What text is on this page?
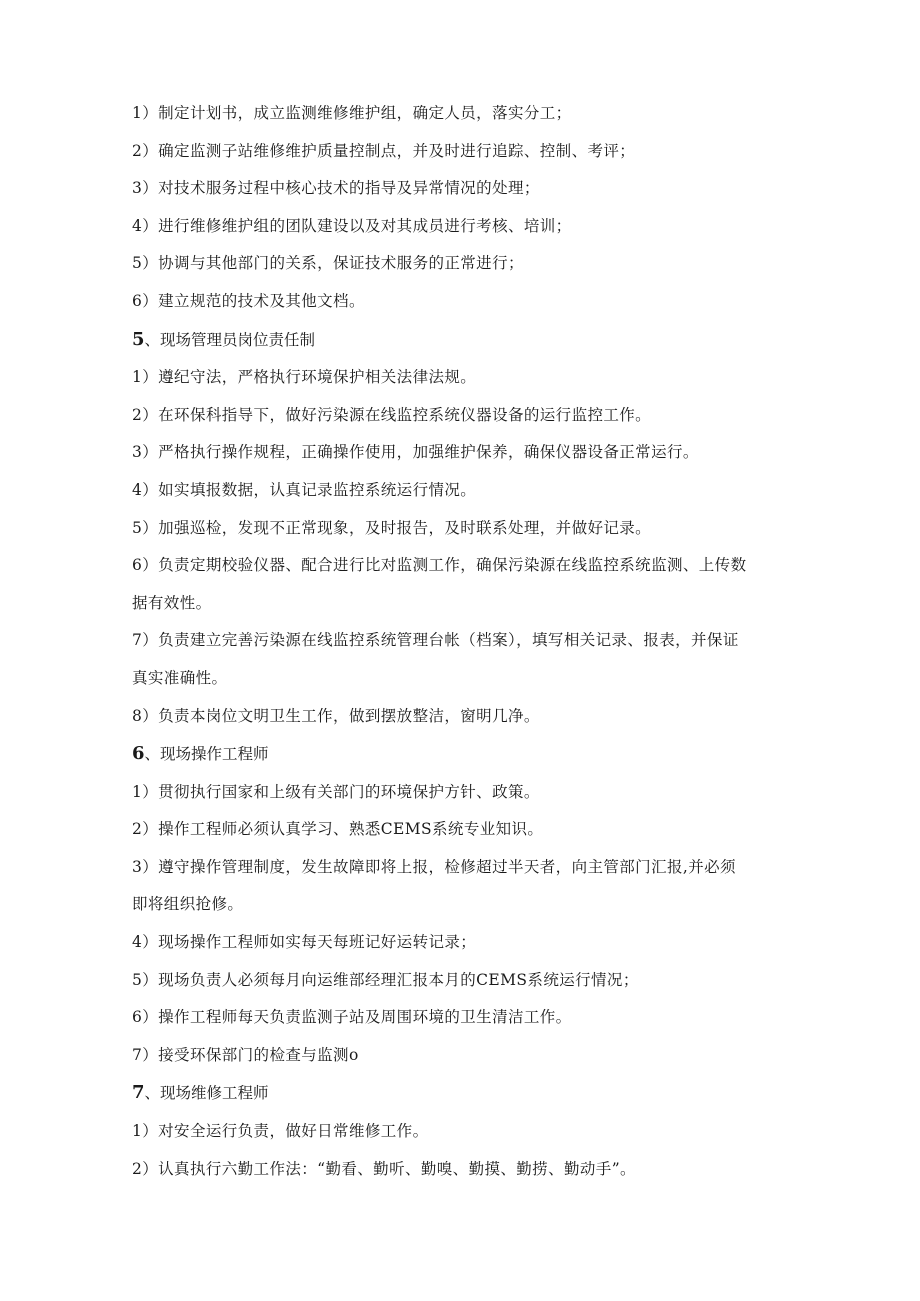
1）制定计划书，成立监测维修维护组，确定人员，落实分工；
2）确定监测子站维修维护质量控制点，并及时进行追踪、控制、考评；
3）对技术服务过程中核心技术的指导及异常情况的处理；
4）进行维修维护组的团队建设以及对其成员进行考核、培训；
5）协调与其他部门的关系，保证技术服务的正常进行；
6）建立规范的技术及其他文档。
5、现场管理员岗位责任制
1）遵纪守法，严格执行环境保护相关法律法规。
2）在环保科指导下，做好污染源在线监控系统仪器设备的运行监控工作。
3）严格执行操作规程，正确操作使用，加强维护保养，确保仪器设备正常运行。
4）如实填报数据，认真记录监控系统运行情况。
5）加强巡检，发现不正常现象，及时报告，及时联系处理，并做好记录。
6）负责定期校验仪器、配合进行比对监测工作，确保污染源在线监控系统监测、上传数
据有效性。
7）负责建立完善污染源在线监控系统管理台帐（档案），填写相关记录、报表，并保证
真实准确性。
8）负责本岗位文明卫生工作，做到摆放整洁，窗明几净。
6、现场操作工程师
1）贯彻执行国家和上级有关部门的环境保护方针、政策。
2）操作工程师必须认真学习、熟悉CEMS系统专业知识。
3）遵守操作管理制度，发生故障即将上报，检修超过半天者，向主管部门汇报,并必须
即将组织抢修。
4）现场操作工程师如实每天每班记好运转记录；
5）现场负责人必须每月向运维部经理汇报本月的CEMS系统运行情况；
6）操作工程师每天负责监测子站及周围环境的卫生清洁工作。
7）接受环保部门的检查与监测o
7、现场维修工程师
1）对安全运行负责，做好日常维修工作。
2）认真执行六勤工作法：“勤看、勤听、勤嗅、勤摸、勤捞、勤动手”。
